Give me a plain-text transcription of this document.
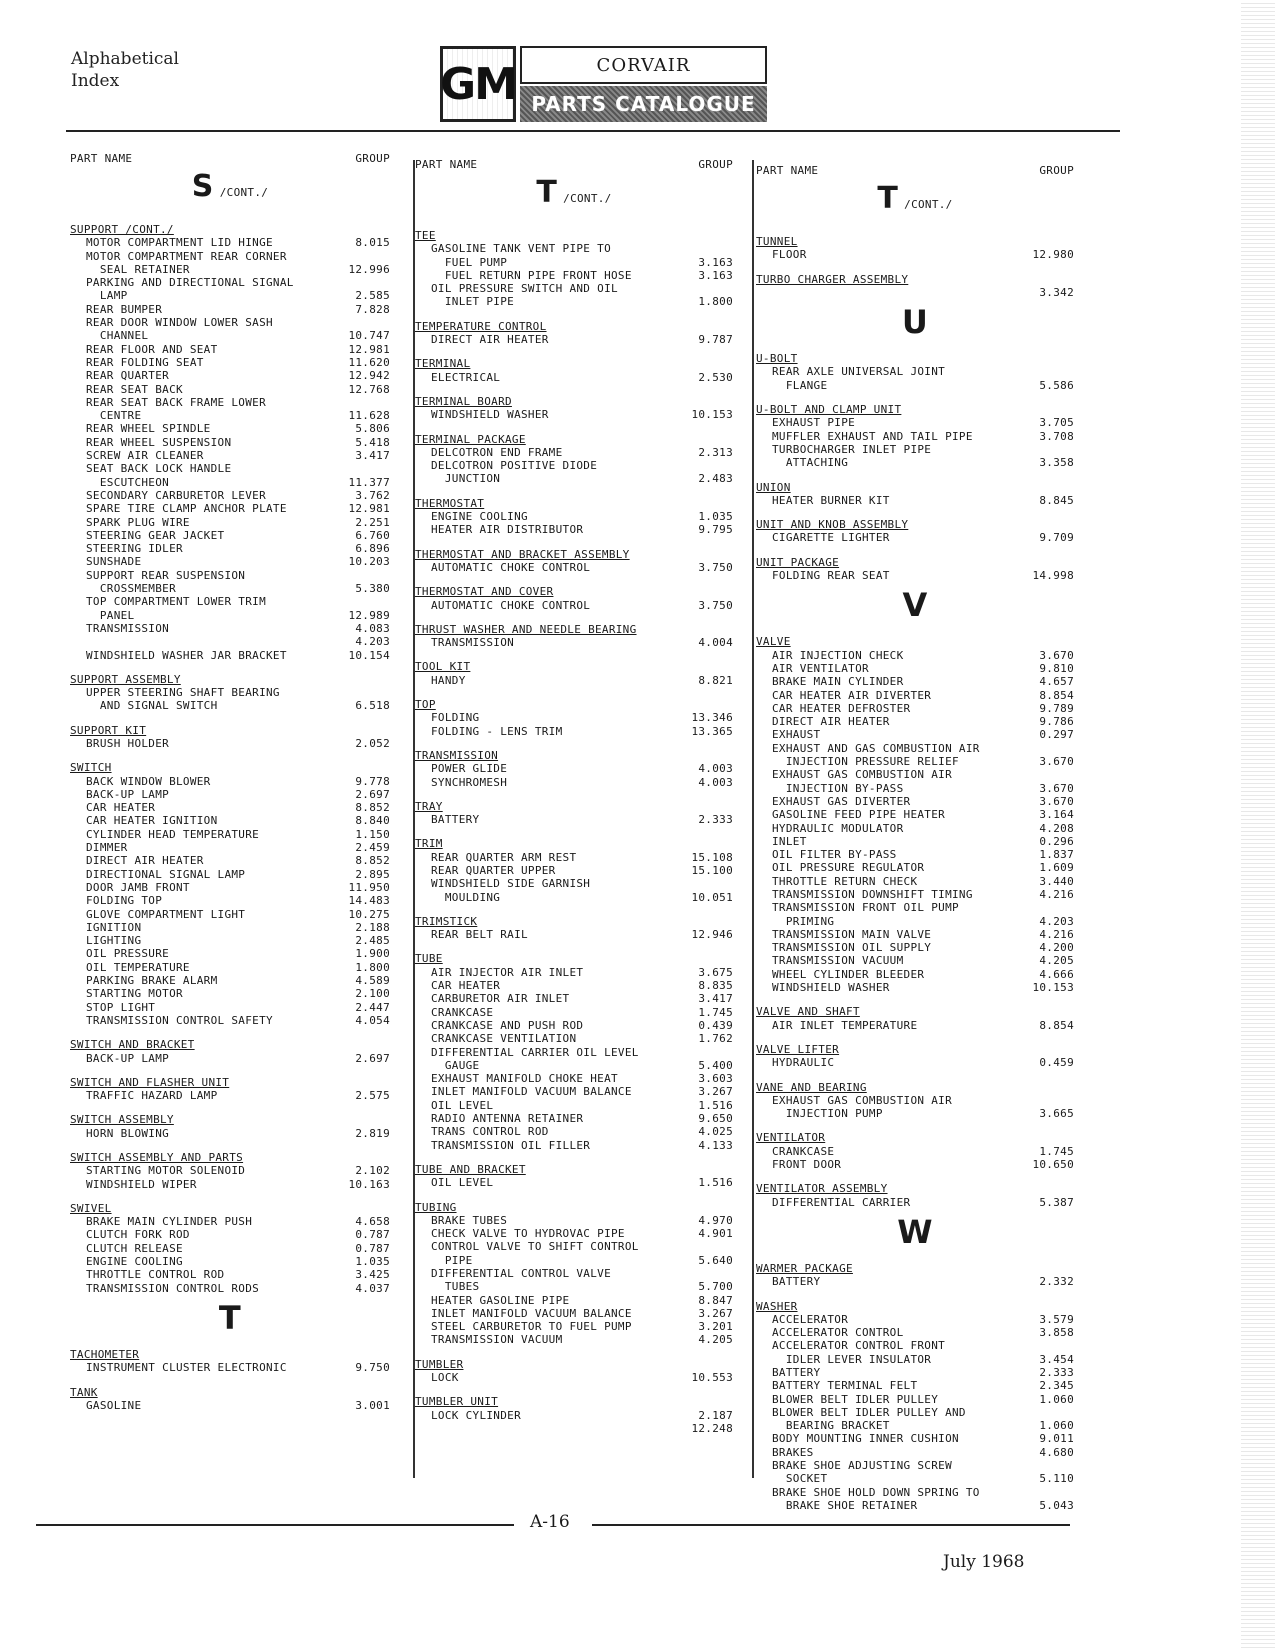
Alphabetical
Index	GM	CORVAIR
PARTS CATALOGUE
PART NAME	GROUP
S /CONT./
SUPPORT /CONT./
MOTOR COMPARTMENT LID HINGE	8.015
MOTOR COMPARTMENT REAR CORNER
SEAL RETAINER	12.996
PARKING AND DIRECTIONAL SIGNAL
LAMP	2.585
REAR BUMPER	7.828
REAR DOOR WINDOW LOWER SASH
CHANNEL	10.747
REAR FLOOR AND SEAT	12.981
REAR FOLDING SEAT	11.620
REAR QUARTER	12.942
REAR SEAT BACK	12.768
REAR SEAT BACK FRAME LOWER
CENTRE	11.628
REAR WHEEL SPINDLE	5.806
REAR WHEEL SUSPENSION	5.418
SCREW AIR CLEANER	3.417
SEAT BACK LOCK HANDLE
ESCUTCHEON	11.377
SECONDARY CARBURETOR LEVER	3.762
SPARE TIRE CLAMP ANCHOR PLATE	12.981
SPARK PLUG WIRE	2.251
STEERING GEAR JACKET	6.760
STEERING IDLER	6.896
SUNSHADE	10.203
SUPPORT REAR SUSPENSION
CROSSMEMBER	5.380
TOP COMPARTMENT LOWER TRIM
PANEL	12.989
TRANSMISSION	4.083
4.203
WINDSHIELD WASHER JAR BRACKET	10.154
SUPPORT ASSEMBLY
UPPER STEERING SHAFT BEARING
AND SIGNAL SWITCH	6.518
SUPPORT KIT
BRUSH HOLDER	2.052
SWITCH
BACK WINDOW BLOWER	9.778
BACK-UP LAMP	2.697
CAR HEATER	8.852
CAR HEATER IGNITION	8.840
CYLINDER HEAD TEMPERATURE	1.150
DIMMER	2.459
DIRECT AIR HEATER	8.852
DIRECTIONAL SIGNAL LAMP	2.895
DOOR JAMB FRONT	11.950
FOLDING TOP	14.483
GLOVE COMPARTMENT LIGHT	10.275
IGNITION	2.188
LIGHTING	2.485
OIL PRESSURE	1.900
OIL TEMPERATURE	1.800
PARKING BRAKE ALARM	4.589
STARTING MOTOR	2.100
STOP LIGHT	2.447
TRANSMISSION CONTROL SAFETY	4.054
SWITCH AND BRACKET
BACK-UP LAMP	2.697
SWITCH AND FLASHER UNIT
TRAFFIC HAZARD LAMP	2.575
SWITCH ASSEMBLY
HORN BLOWING	2.819
SWITCH ASSEMBLY AND PARTS
STARTING MOTOR SOLENOID	2.102
WINDSHIELD WIPER	10.163
SWIVEL
BRAKE MAIN CYLINDER PUSH	4.658
CLUTCH FORK ROD	0.787
CLUTCH RELEASE	0.787
ENGINE COOLING	1.035
THROTTLE CONTROL ROD	3.425
TRANSMISSION CONTROL RODS	4.037
T
TACHOMETER
INSTRUMENT CLUSTER ELECTRONIC	9.750
TANK
GASOLINE	3.001
PART NAME	GROUP
T /CONT./
TEE
GASOLINE TANK VENT PIPE TO
FUEL PUMP	3.163
FUEL RETURN PIPE FRONT HOSE	3.163
OIL PRESSURE SWITCH AND OIL
INLET PIPE	1.800
TEMPERATURE CONTROL
DIRECT AIR HEATER	9.787
TERMINAL
ELECTRICAL	2.530
TERMINAL BOARD
WINDSHIELD WASHER	10.153
TERMINAL PACKAGE
DELCOTRON END FRAME	2.313
DELCOTRON POSITIVE DIODE
JUNCTION	2.483
THERMOSTAT
ENGINE COOLING	1.035
HEATER AIR DISTRIBUTOR	9.795
THERMOSTAT AND BRACKET ASSEMBLY
AUTOMATIC CHOKE CONTROL	3.750
THERMOSTAT AND COVER
AUTOMATIC CHOKE CONTROL	3.750
THRUST WASHER AND NEEDLE BEARING
TRANSMISSION	4.004
TOOL KIT
HANDY	8.821
TOP
FOLDING	13.346
FOLDING - LENS TRIM	13.365
TRANSMISSION
POWER GLIDE	4.003
SYNCHROMESH	4.003
TRAY
BATTERY	2.333
TRIM
REAR QUARTER ARM REST	15.108
REAR QUARTER UPPER	15.100
WINDSHIELD SIDE GARNISH
MOULDING	10.051
TRIMSTICK
REAR BELT RAIL	12.946
TUBE
AIR INJECTOR AIR INLET	3.675
CAR HEATER	8.835
CARBURETOR AIR INLET	3.417
CRANKCASE	1.745
CRANKCASE AND PUSH ROD	0.439
CRANKCASE VENTILATION	1.762
DIFFERENTIAL CARRIER OIL LEVEL
GAUGE	5.400
EXHAUST MANIFOLD CHOKE HEAT	3.603
INLET MANIFOLD VACUUM BALANCE	3.267
OIL LEVEL	1.516
RADIO ANTENNA RETAINER	9.650
TRANS CONTROL ROD	4.025
TRANSMISSION OIL FILLER	4.133
TUBE AND BRACKET
OIL LEVEL	1.516
TUBING
BRAKE TUBES	4.970
CHECK VALVE TO HYDROVAC PIPE	4.901
CONTROL VALVE TO SHIFT CONTROL
PIPE	5.640
DIFFERENTIAL CONTROL VALVE
TUBES	5.700
HEATER GASOLINE PIPE	8.847
INLET MANIFOLD VACUUM BALANCE	3.267
STEEL CARBURETOR TO FUEL PUMP	3.201
TRANSMISSION VACUUM	4.205
TUMBLER
LOCK	10.553
TUMBLER UNIT
LOCK CYLINDER	2.187
12.248
PART NAME	GROUP
T /CONT./
TUNNEL
FLOOR	12.980
TURBO CHARGER ASSEMBLY
3.342
U
U-BOLT
REAR AXLE UNIVERSAL JOINT
FLANGE	5.586
U-BOLT AND CLAMP UNIT
EXHAUST PIPE	3.705
MUFFLER EXHAUST AND TAIL PIPE	3.708
TURBOCHARGER INLET PIPE
ATTACHING	3.358
UNION
HEATER BURNER KIT	8.845
UNIT AND KNOB ASSEMBLY
CIGARETTE LIGHTER	9.709
UNIT PACKAGE
FOLDING REAR SEAT	14.998
V
VALVE
AIR INJECTION CHECK	3.670
AIR VENTILATOR	9.810
BRAKE MAIN CYLINDER	4.657
CAR HEATER AIR DIVERTER	8.854
CAR HEATER DEFROSTER	9.789
DIRECT AIR HEATER	9.786
EXHAUST	0.297
EXHAUST AND GAS COMBUSTION AIR
INJECTION PRESSURE RELIEF	3.670
EXHAUST GAS COMBUSTION AIR
INJECTION BY-PASS	3.670
EXHAUST GAS DIVERTER	3.670
GASOLINE FEED PIPE HEATER	3.164
HYDRAULIC MODULATOR	4.208
INLET	0.296
OIL FILTER BY-PASS	1.837
OIL PRESSURE REGULATOR	1.609
THROTTLE RETURN CHECK	3.440
TRANSMISSION DOWNSHIFT TIMING	4.216
TRANSMISSION FRONT OIL PUMP
PRIMING	4.203
TRANSMISSION MAIN VALVE	4.216
TRANSMISSION OIL SUPPLY	4.200
TRANSMISSION VACUUM	4.205
WHEEL CYLINDER BLEEDER	4.666
WINDSHIELD WASHER	10.153
VALVE AND SHAFT
AIR INLET TEMPERATURE	8.854
VALVE LIFTER
HYDRAULIC	0.459
VANE AND BEARING
EXHAUST GAS COMBUSTION AIR
INJECTION PUMP	3.665
VENTILATOR
CRANKCASE	1.745
FRONT DOOR	10.650
VENTILATOR ASSEMBLY
DIFFERENTIAL CARRIER	5.387
W
WARMER PACKAGE
BATTERY	2.332
WASHER
ACCELERATOR	3.579
ACCELERATOR CONTROL	3.858
ACCELERATOR CONTROL FRONT
IDLER LEVER INSULATOR	3.454
BATTERY	2.333
BATTERY TERMINAL FELT	2.345
BLOWER BELT IDLER PULLEY	1.060
BLOWER BELT IDLER PULLEY AND
BEARING BRACKET	1.060
BODY MOUNTING INNER CUSHION	9.011
BRAKES	4.680
BRAKE SHOE ADJUSTING SCREW
SOCKET	5.110
BRAKE SHOE HOLD DOWN SPRING TO
BRAKE SHOE RETAINER	5.043
A-16
July 1968
